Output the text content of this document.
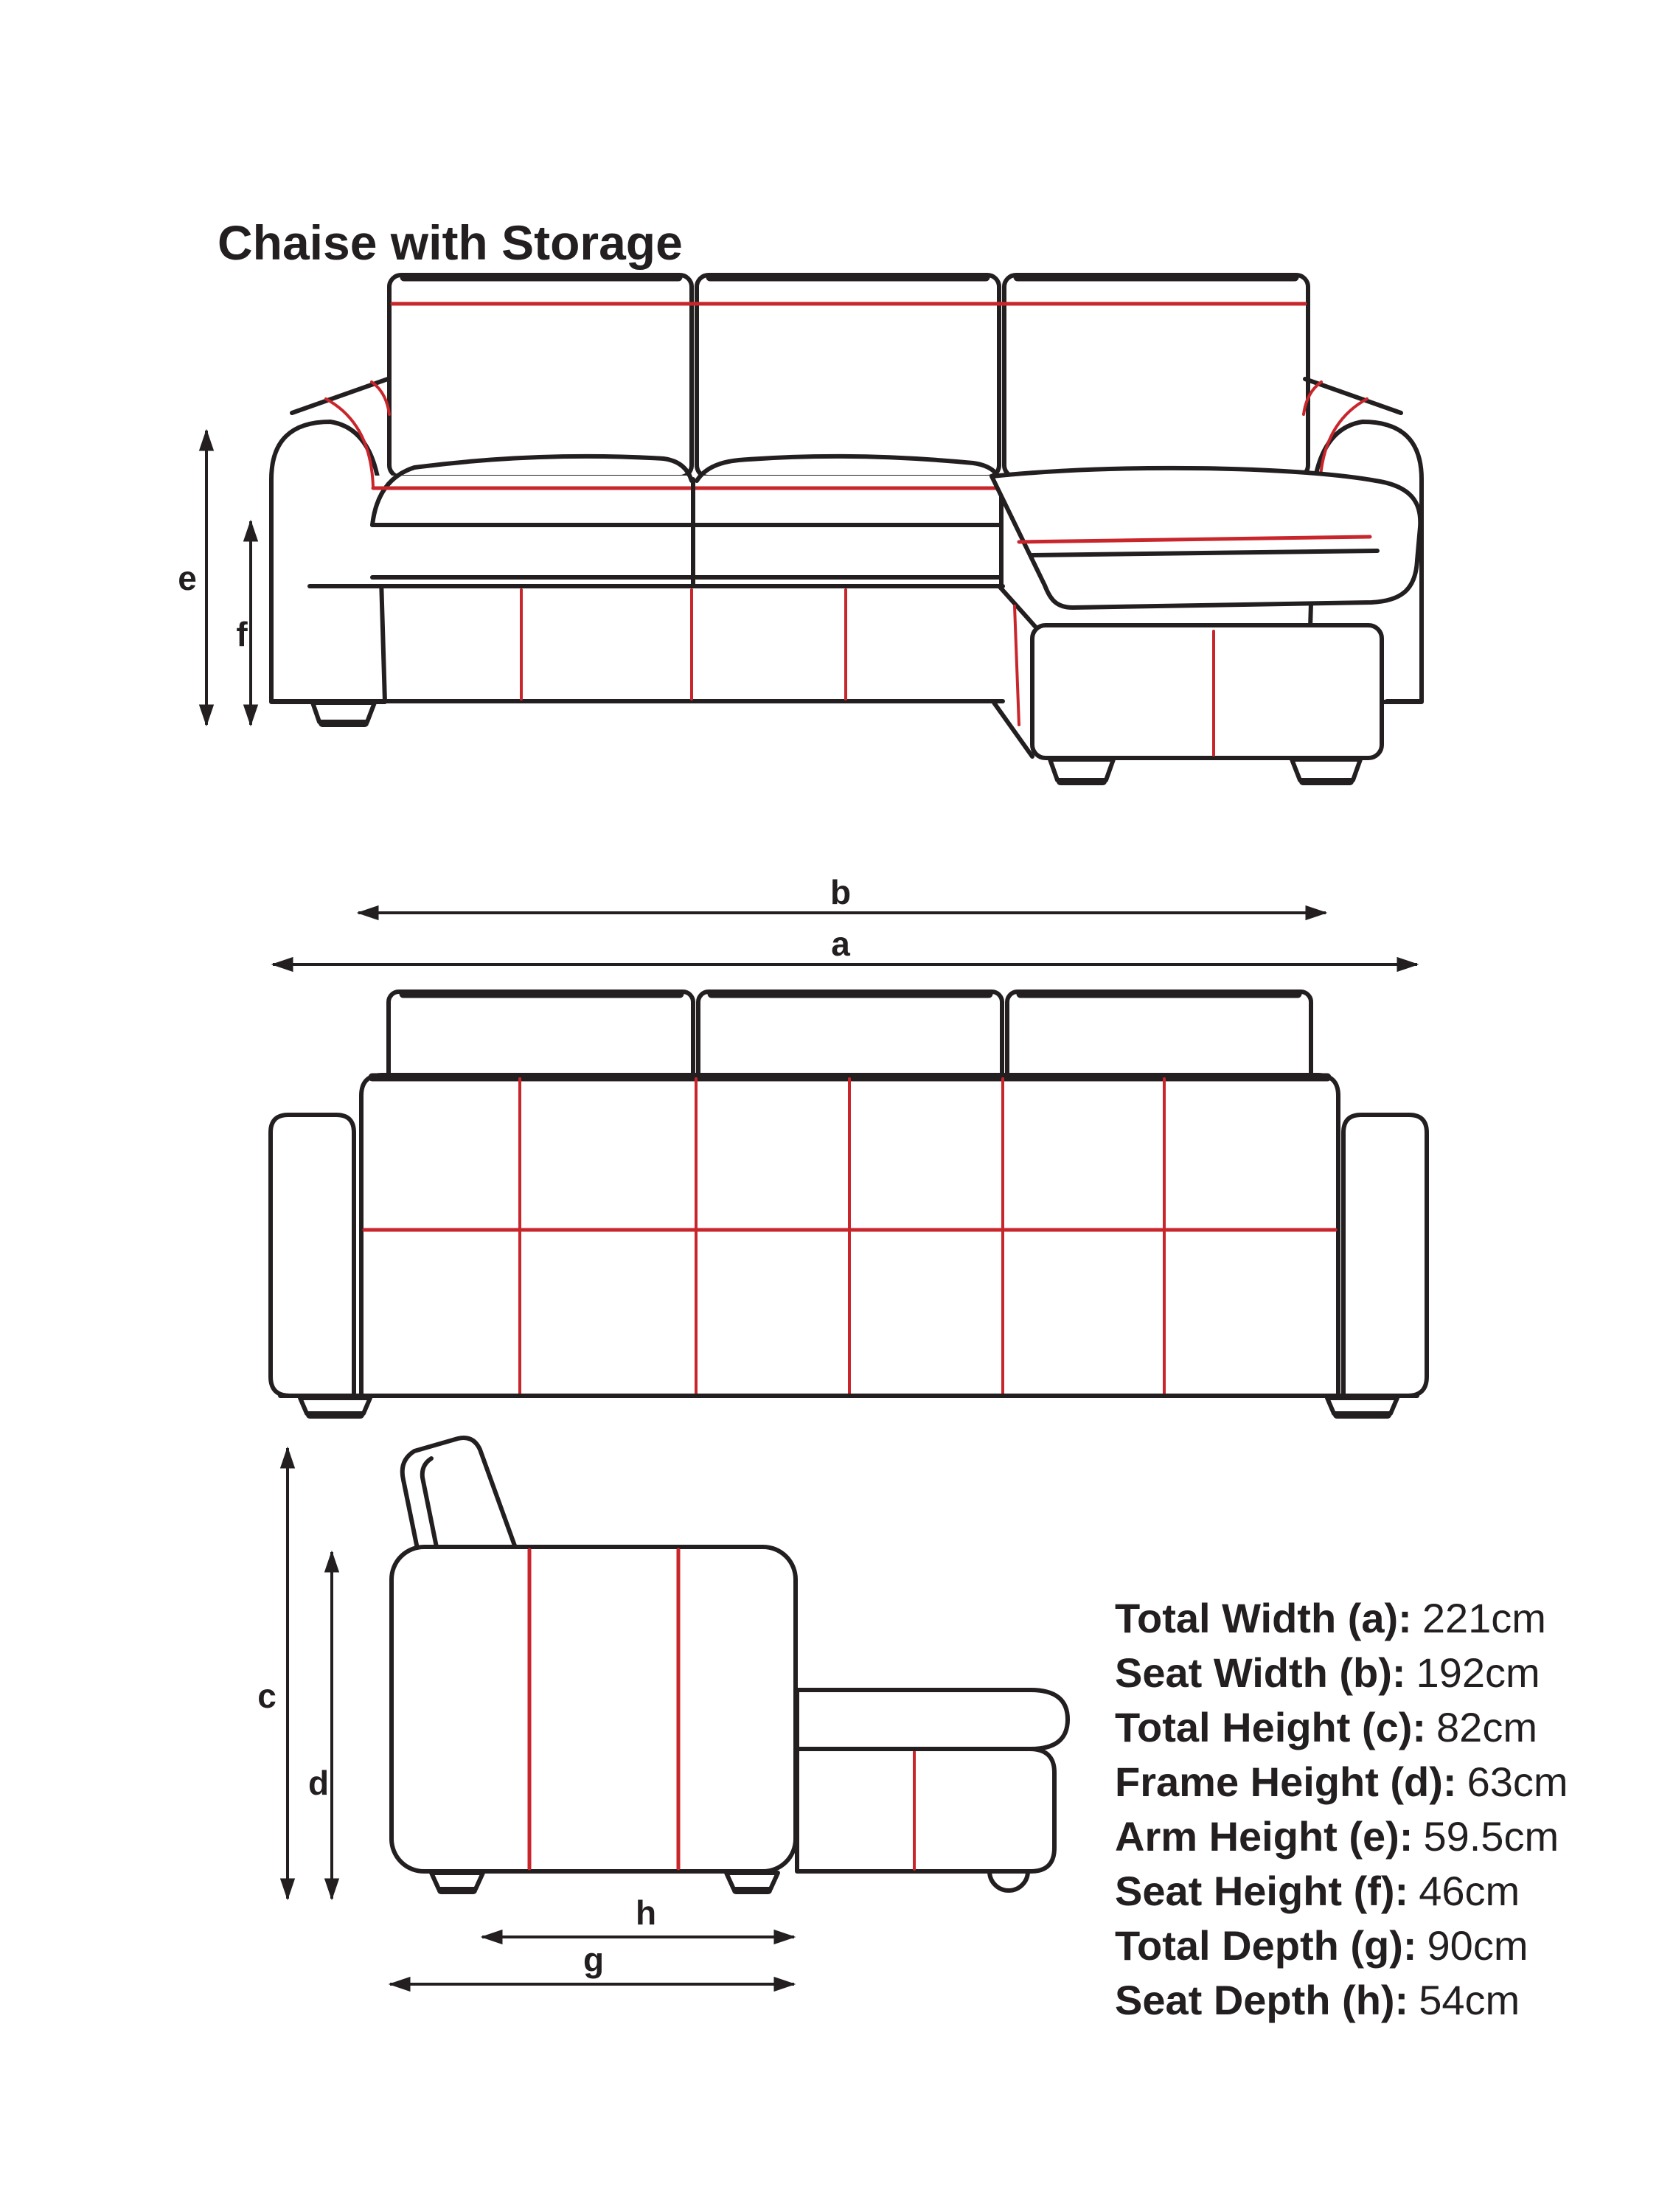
Chaise with Storage
e
f
b
a
c
d
h
g
Total Width (a): 221cm
Seat Width (b): 192cm
Total Height (c): 82cm
Frame Height (d): 63cm
Arm Height (e): 59.5cm
Seat Height (f): 46cm
Total Depth (g): 90cm
Seat Depth (h): 54cm
